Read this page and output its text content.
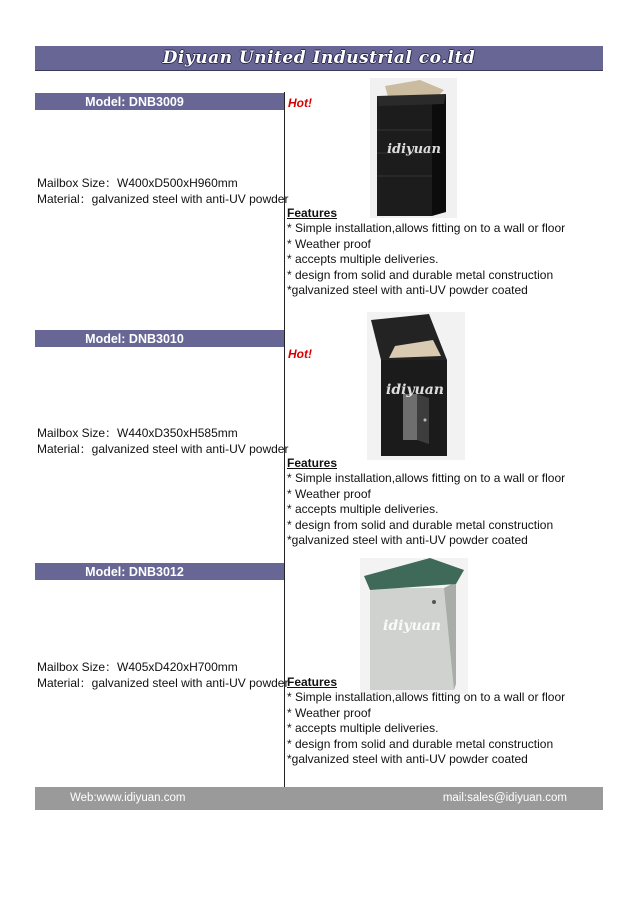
Diyuan United Industrial co.ltd
Model: DNB3009	Hot!
idiyuan
Mailbox Size：W400xD500xH960mm
Material：galvanized steel with anti-UV powder
Features
* Simple installation,allows fitting on to a wall or floor
* Weather proof
* accepts multiple deliveries.
* design from solid and durable metal construction
*galvanized steel with anti-UV powder coated
Model: DNB3010
Hot!
idiyuan
Mailbox Size：W440xD350xH585mm
Material：galvanized steel with anti-UV powder
Features
* Simple installation,allows fitting on to a wall or floor
* Weather proof
* accepts multiple deliveries.
* design from solid and durable metal construction
*galvanized steel with anti-UV powder coated
Model: DNB3012
idiyuan
Mailbox Size：W405xD420xH700mm
Material：galvanized steel with anti-UV powder
Features
* Simple installation,allows fitting on to a wall or floor
* Weather proof
* accepts multiple deliveries.
* design from solid and durable metal construction
*galvanized steel with anti-UV powder coated
Web:www.idiyuan.com	mail:sales@idiyuan.com
